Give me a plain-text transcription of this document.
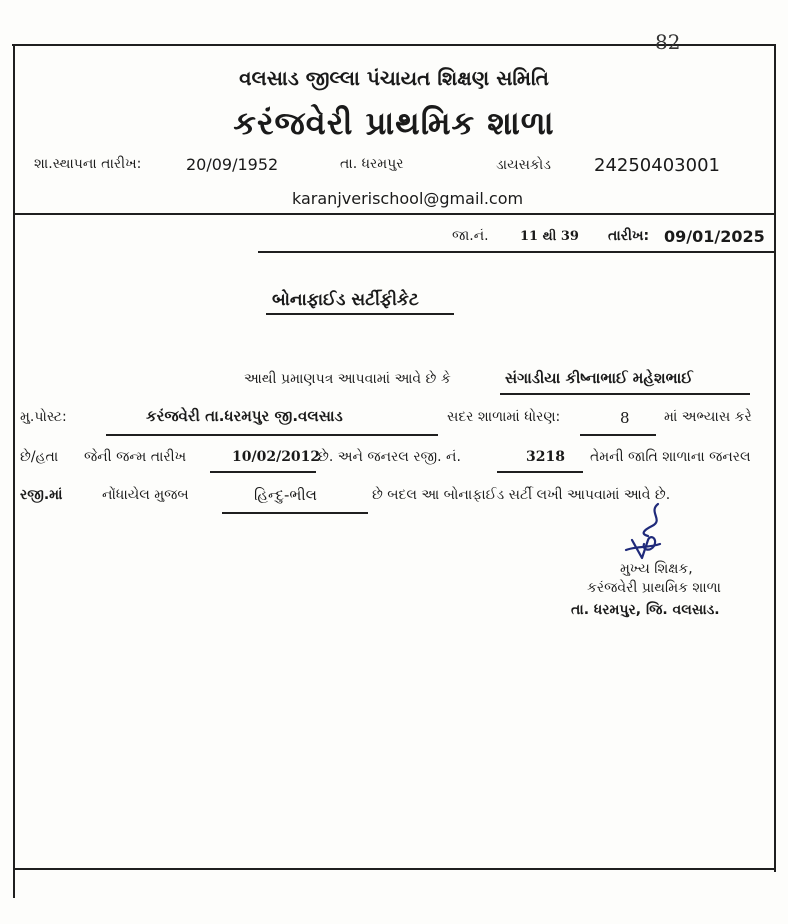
82
વલસાડ જીલ્લા પંચાયત શિક્ષણ સમિતિ
કરંજવેરી પ્રાથમિક શાળા
શા.સ્થાપના તારીખ:	20/09/1952	તા. ધરમપુર	ડાયસકોડ 24250403001
karanjverischool@gmail.com
જા.નં. 11 થી 39 તારીખ: 09/01/2025
બોનાફાઈડ સર્ટીફીકેટ
આથી પ્રમાણપત્ર આપવામાં આવે છે કે	સંગાડીયા કીષ્નાભાઈ મહેશભાઈ
મુ.પોસ્ટ:	કરંજવેરી તા.ધરમપુર જી.વલસાડ	સદર શાળામાં ધોરણ:	8 માં અભ્યાસ કરે
છે/હતા જેની જન્મ તારીખ	10/02/2012
છે. અને જનરલ રજી. નં.	3218 તેમની જાતિ શાળાના જનરલ
રજી.માં	નોંધાયેલ મુજબ	હિન્દુ-ભીલ	છે બદલ આ બોનાફાઈડ સર્ટી લખી આપવામાં આવે છે.
મુખ્ય શિક્ષક,
કરંજવેરી પ્રાથમિક શાળા
તા. ધરમપુર, જિ. વલસાડ.
